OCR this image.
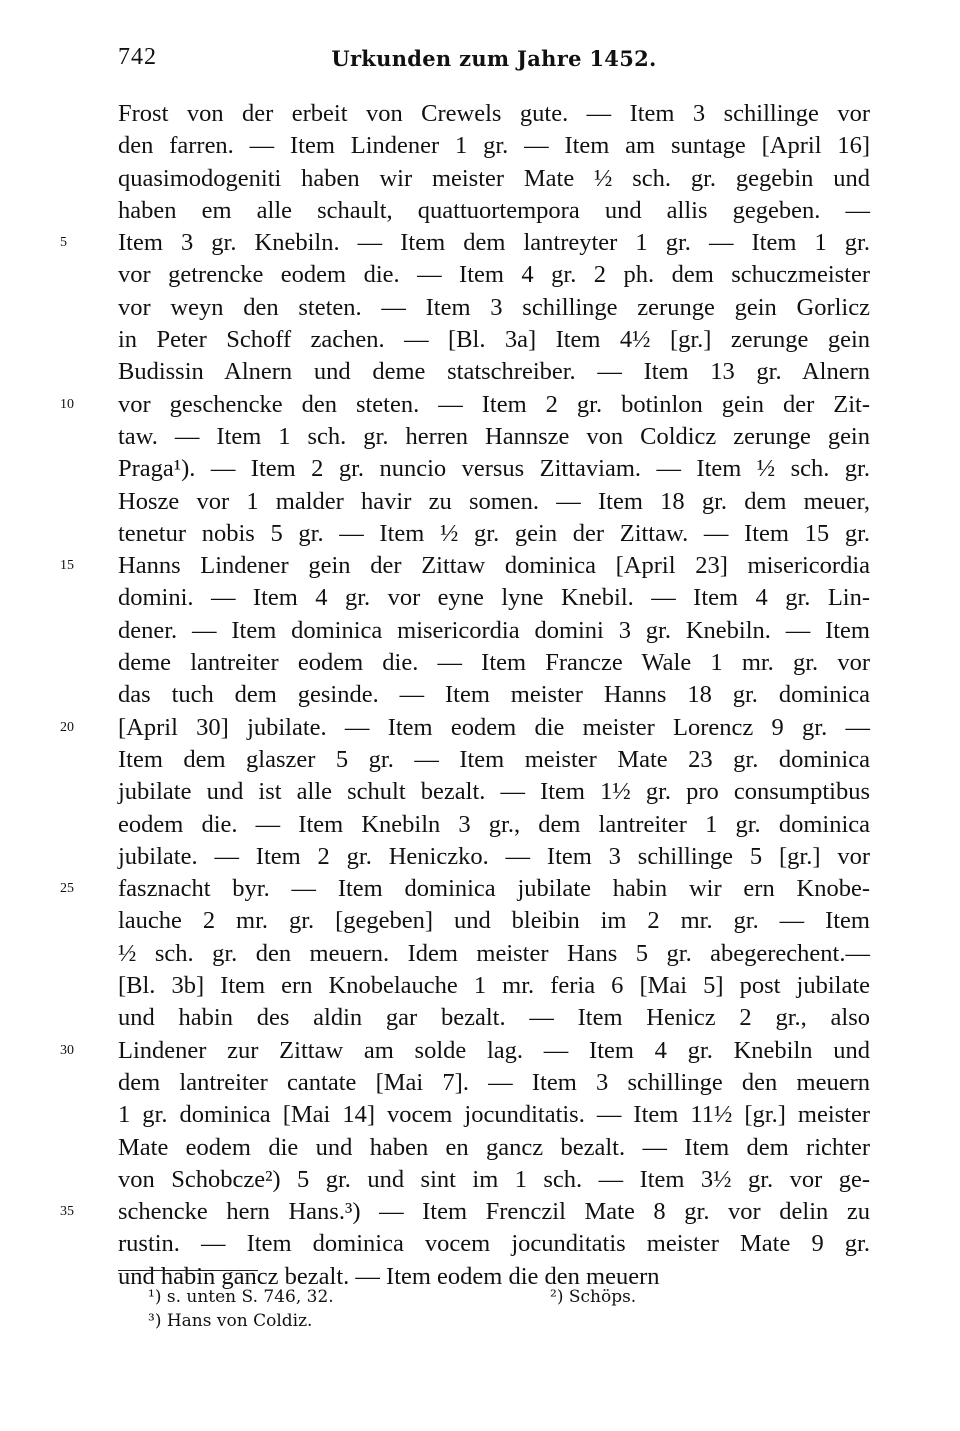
742	Urkunden zum Jahre 1452.
Frost von der erbeit von Crewels gute. — Item 3 schillinge vor
den farren. — Item Lindener 1 gr. — Item am suntage [April 16]
quasimodogeniti haben wir meister Mate ½ sch. gr. gegebin und
haben em alle schault, quattuortempora und allis gegeben. —
5	Item 3 gr. Knebiln. — Item dem lantreyter 1 gr. — Item 1 gr.
vor getrencke eodem die. — Item 4 gr. 2 ph. dem schuczmeister
vor weyn den steten. — Item 3 schillinge zerunge gein Gorlicz
in Peter Schoff zachen. — [Bl. 3a] Item 4½ [gr.] zerunge gein
Budissin Alnern und deme statschreiber. — Item 13 gr. Alnern
10	vor geschencke den steten. — Item 2 gr. botinlon gein der Zit-
taw. — Item 1 sch. gr. herren Hannsze von Coldicz zerunge gein
Praga¹). — Item 2 gr. nuncio versus Zittaviam. — Item ½ sch. gr.
Hosze vor 1 malder havir zu somen. — Item 18 gr. dem meuer,
tenetur nobis 5 gr. — Item ½ gr. gein der Zittaw. — Item 15 gr.
15	Hanns Lindener gein der Zittaw dominica [April 23] misericordia
domini. — Item 4 gr. vor eyne lyne Knebil. — Item 4 gr. Lin-
dener. — Item dominica misericordia domini 3 gr. Knebiln. — Item
deme lantreiter eodem die. — Item Francze Wale 1 mr. gr. vor
das tuch dem gesinde. — Item meister Hanns 18 gr. dominica
20	[April 30] jubilate. — Item eodem die meister Lorencz 9 gr. —
Item dem glaszer 5 gr. — Item meister Mate 23 gr. dominica
jubilate und ist alle schult bezalt. — Item 1½ gr. pro consumptibus
eodem die. — Item Knebiln 3 gr., dem lantreiter 1 gr. dominica
jubilate. — Item 2 gr. Heniczko. — Item 3 schillinge 5 [gr.] vor
25	fasznacht byr. — Item dominica jubilate habin wir ern Knobe-
lauche 2 mr. gr. [gegeben] und bleibin im 2 mr. gr. — Item
½ sch. gr. den meuern. Idem meister Hans 5 gr. abegerechent.—
[Bl. 3b] Item ern Knobelauche 1 mr. feria 6 [Mai 5] post jubilate
und habin des aldin gar bezalt. — Item Henicz 2 gr., also
30	Lindener zur Zittaw am solde lag. — Item 4 gr. Knebiln und
dem lantreiter cantate [Mai 7]. — Item 3 schillinge den meuern
1 gr. dominica [Mai 14] vocem jocunditatis. — Item 11½ [gr.] meister
Mate eodem die und haben en gancz bezalt. — Item dem richter
von Schobcze²) 5 gr. und sint im 1 sch. — Item 3½ gr. vor ge-
35	schencke hern Hans.³) — Item Frenczil Mate 8 gr. vor delin zu
rustin. — Item dominica vocem jocunditatis meister Mate 9 gr.
und habin gancz bezalt. — Item eodem die den meuern
¹) s. unten S. 746, 32.	²) Schöps.
³) Hans von Coldiz.
